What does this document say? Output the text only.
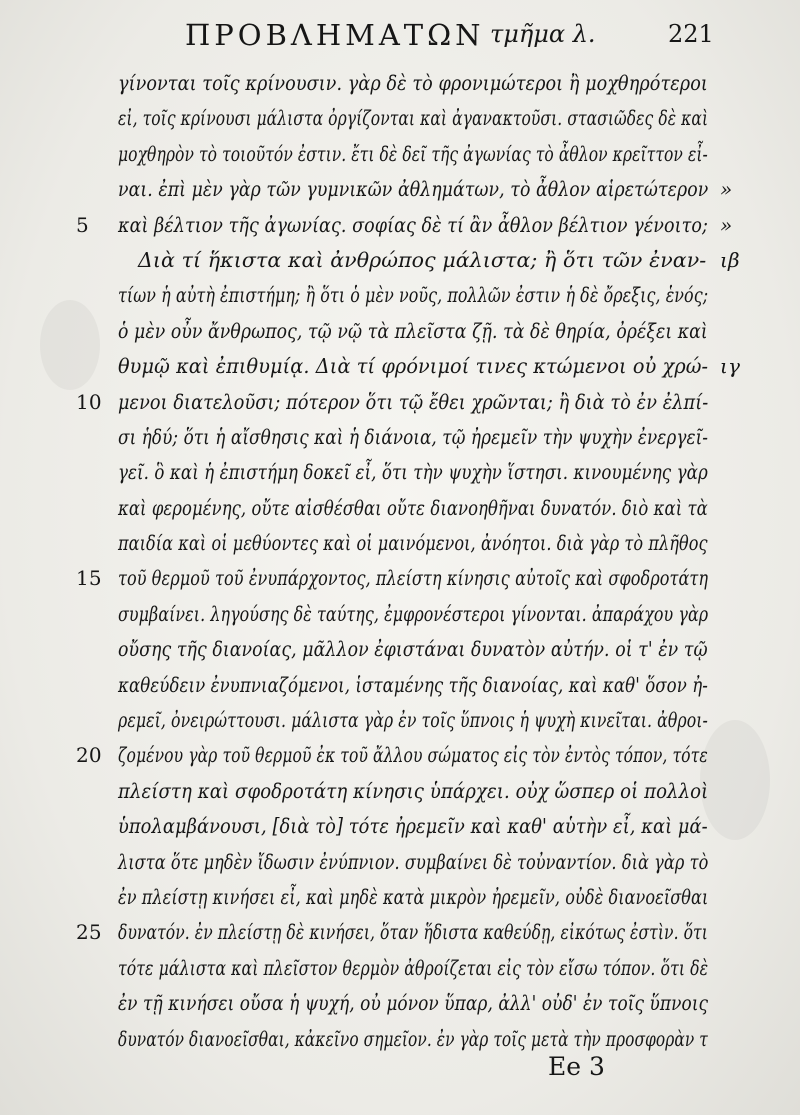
ΠΡΟΒΛΗΜΑΤΩΝ τμῆμα λ.	221
γίνονται τοῖς κρίνουσιν. γὰρ δὲ τὸ φρονιμώτεροι ἢ μοχθηρότεροι
εἰ, τοῖς κρίνουσι μάλιστα ὀργίζονται καὶ ἀγανακτοῦσι. στασιῶδες δὲ καὶ
μοχθηρὸν τὸ τοιοῦτόν ἐστιν. ἔτι δὲ δεῖ τῆς ἀγωνίας τὸ ἆθλον κρεῖττον εἶ-
ναι. ἐπὶ μὲν γὰρ τῶν γυμνικῶν ἀθλημάτων, τὸ ἆθλον αἱρετώτερον »
καὶ βέλτιον τῆς ἀγωνίας. σοφίας δὲ τί ἂν ἆθλον βέλτιον γένοιτο;
5	»
Διὰ τί ἥκιστα καὶ ἀνθρώπος μάλιστα; ἢ ὅτι τῶν ἐναν- ιβ
τίων ἡ αὐτὴ ἐπιστήμη; ἢ ὅτι ὁ μὲν νοῦς, πολλῶν ἐστιν ἡ δὲ ὄρεξις, ἑνός;
ὁ μὲν οὖν ἄνθρωπος, τῷ νῷ τὰ πλεῖστα ζῇ. τὰ δὲ θηρία, ὀρέξει καὶ
θυμῷ καὶ ἐπιθυμίᾳ. Διὰ τί φρόνιμοί τινες κτώμενοι οὐ χρώ- ιγ
μενοι διατελοῦσι; πότερον ὅτι τῷ ἔθει χρῶνται; ἢ διὰ τὸ ἐν ἐλπί-
10
σι ἡδύ; ὅτι ἡ αἴσθησις καὶ ἡ διάνοια, τῷ ἠρεμεῖν τὴν ψυχὴν ἐνεργεῖ-
γεῖ. ὃ καὶ ἡ ἐπιστήμη δοκεῖ εἶ, ὅτι τὴν ψυχὴν ἵστησι. κινουμένης γὰρ
καὶ φερομένης, οὔτε αἰσθέσθαι οὔτε διανοηθῆναι δυνατόν. διὸ καὶ τὰ
παιδία καὶ οἱ μεθύοντες καὶ οἱ μαινόμενοι, ἀνόητοι. διὰ γὰρ τὸ πλῆθος
τοῦ θερμοῦ τοῦ ἐνυπάρχοντος, πλείστη κίνησις αὐτοῖς καὶ σφοδροτάτη
15
συμβαίνει. ληγούσης δὲ ταύτης, ἐμφρονέστεροι γίνονται. ἀπαράχου γὰρ
οὔσης τῆς διανοίας, μᾶλλον ἐφιστάναι δυνατὸν αὐτήν. οἱ τ' ἐν τῷ
καθεύδειν ἐνυπνιαζόμενοι, ἱσταμένης τῆς διανοίας, καὶ καθ' ὅσον ἠ-
ρεμεῖ, ὀνειρώττουσι. μάλιστα γὰρ ἐν τοῖς ὕπνοις ἡ ψυχὴ κινεῖται. ἀθροι-
ζομένου γὰρ τοῦ θερμοῦ ἐκ τοῦ ἄλλου σώματος εἰς τὸν ἐντὸς τόπον, τότε
20
πλείστη καὶ σφοδροτάτη κίνησις ὑπάρχει. οὐχ ὥσπερ οἱ πολλοὶ
ὑπολαμβάνουσι, [διὰ τὸ] τότε ἠρεμεῖν καὶ καθ' αὑτὴν εἶ, καὶ μά-
λιστα ὅτε μηδὲν ἴδωσιν ἐνύπνιον. συμβαίνει δὲ τοὐναντίον. διὰ γὰρ τὸ
ἐν πλείστῃ κινήσει εἶ, καὶ μηδὲ κατὰ μικρὸν ἠρεμεῖν, οὐδὲ διανοεῖσθαι
δυνατόν. ἐν πλείστῃ δὲ κινήσει, ὅταν ἥδιστα καθεύδῃ, εἰκότως ἐστὶν. ὅτι
25
τότε μάλιστα καὶ πλεῖστον θερμὸν ἀθροίζεται εἰς τὸν εἴσω τόπον. ὅτι δὲ
ἐν τῇ κινήσει οὔσα ἡ ψυχή, οὐ μόνον ὕπαρ, ἀλλ' οὐδ' ἐν τοῖς ὕπνοις
δυνατόν διανοεῖσθαι, κἀκεῖνο σημεῖον. ἐν γὰρ τοῖς μετὰ τὴν προσφορὰν τ
Ee 3
